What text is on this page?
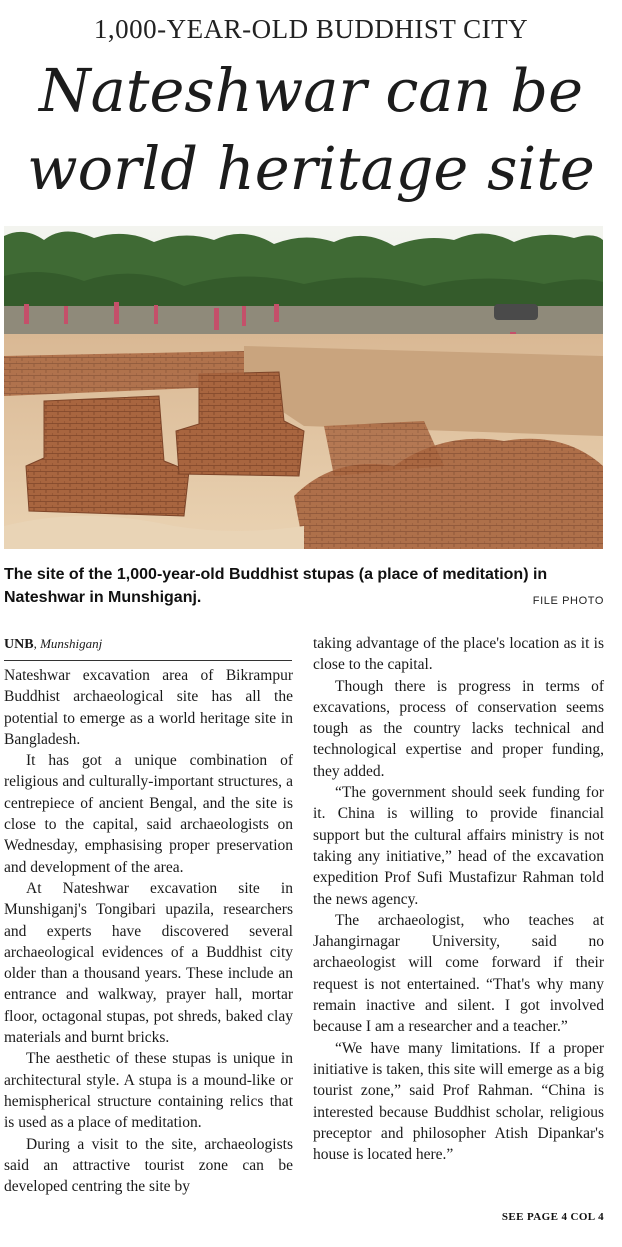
1,000-YEAR-OLD BUDDHIST CITY
Nateshwar can be
world heritage site
The site of the 1,000-year-old Buddhist stupas (a place of meditation) in Nateshwar in Munshiganj.	FILE PHOTO
UNB, Munshiganj

Nateshwar excavation area of Bikrampur Buddhist archaeological site has all the potential to emerge as a world heritage site in Bangladesh.

It has got a unique combination of religious and culturally-important structures, a centrepiece of ancient Bengal, and the site is close to the capital, said archaeologists on Wednesday, emphasising proper preservation and development of the area.

At Nateshwar excavation site in Munshiganj's Tongibari upazila, researchers and experts have discovered several archaeological evidences of a Buddhist city older than a thousand years. These include an entrance and walkway, prayer hall, mortar floor, octagonal stupas, pot shreds, baked clay materials and burnt bricks.

The aesthetic of these stupas is unique in architectural style. A stupa is a mound-like or hemispherical structure containing relics that is used as a place of meditation.

During a visit to the site, archaeologists said an attractive tourist zone can be developed centring the site by

taking advantage of the place's location as it is close to the capital.

Though there is progress in terms of excavations, process of conservation seems tough as the country lacks technical and technological expertise and proper funding, they added.

“The government should seek funding for it. China is willing to provide financial support but the cultural affairs ministry is not taking any initiative,” head of the excavation expedition Prof Sufi Mustafizur Rahman told the news agency.

The archaeologist, who teaches at Jahangirnagar University, said no archaeologist will come forward if their request is not entertained. “That's why many remain inactive and silent. I got involved because I am a researcher and a teacher.”

“We have many limitations. If a proper initiative is taken, this site will emerge as a big tourist zone,” said Prof Rahman. “China is interested because Buddhist scholar, religious preceptor and philosopher Atish Dipankar's house is located here.”

SEE PAGE 4 COL 4
